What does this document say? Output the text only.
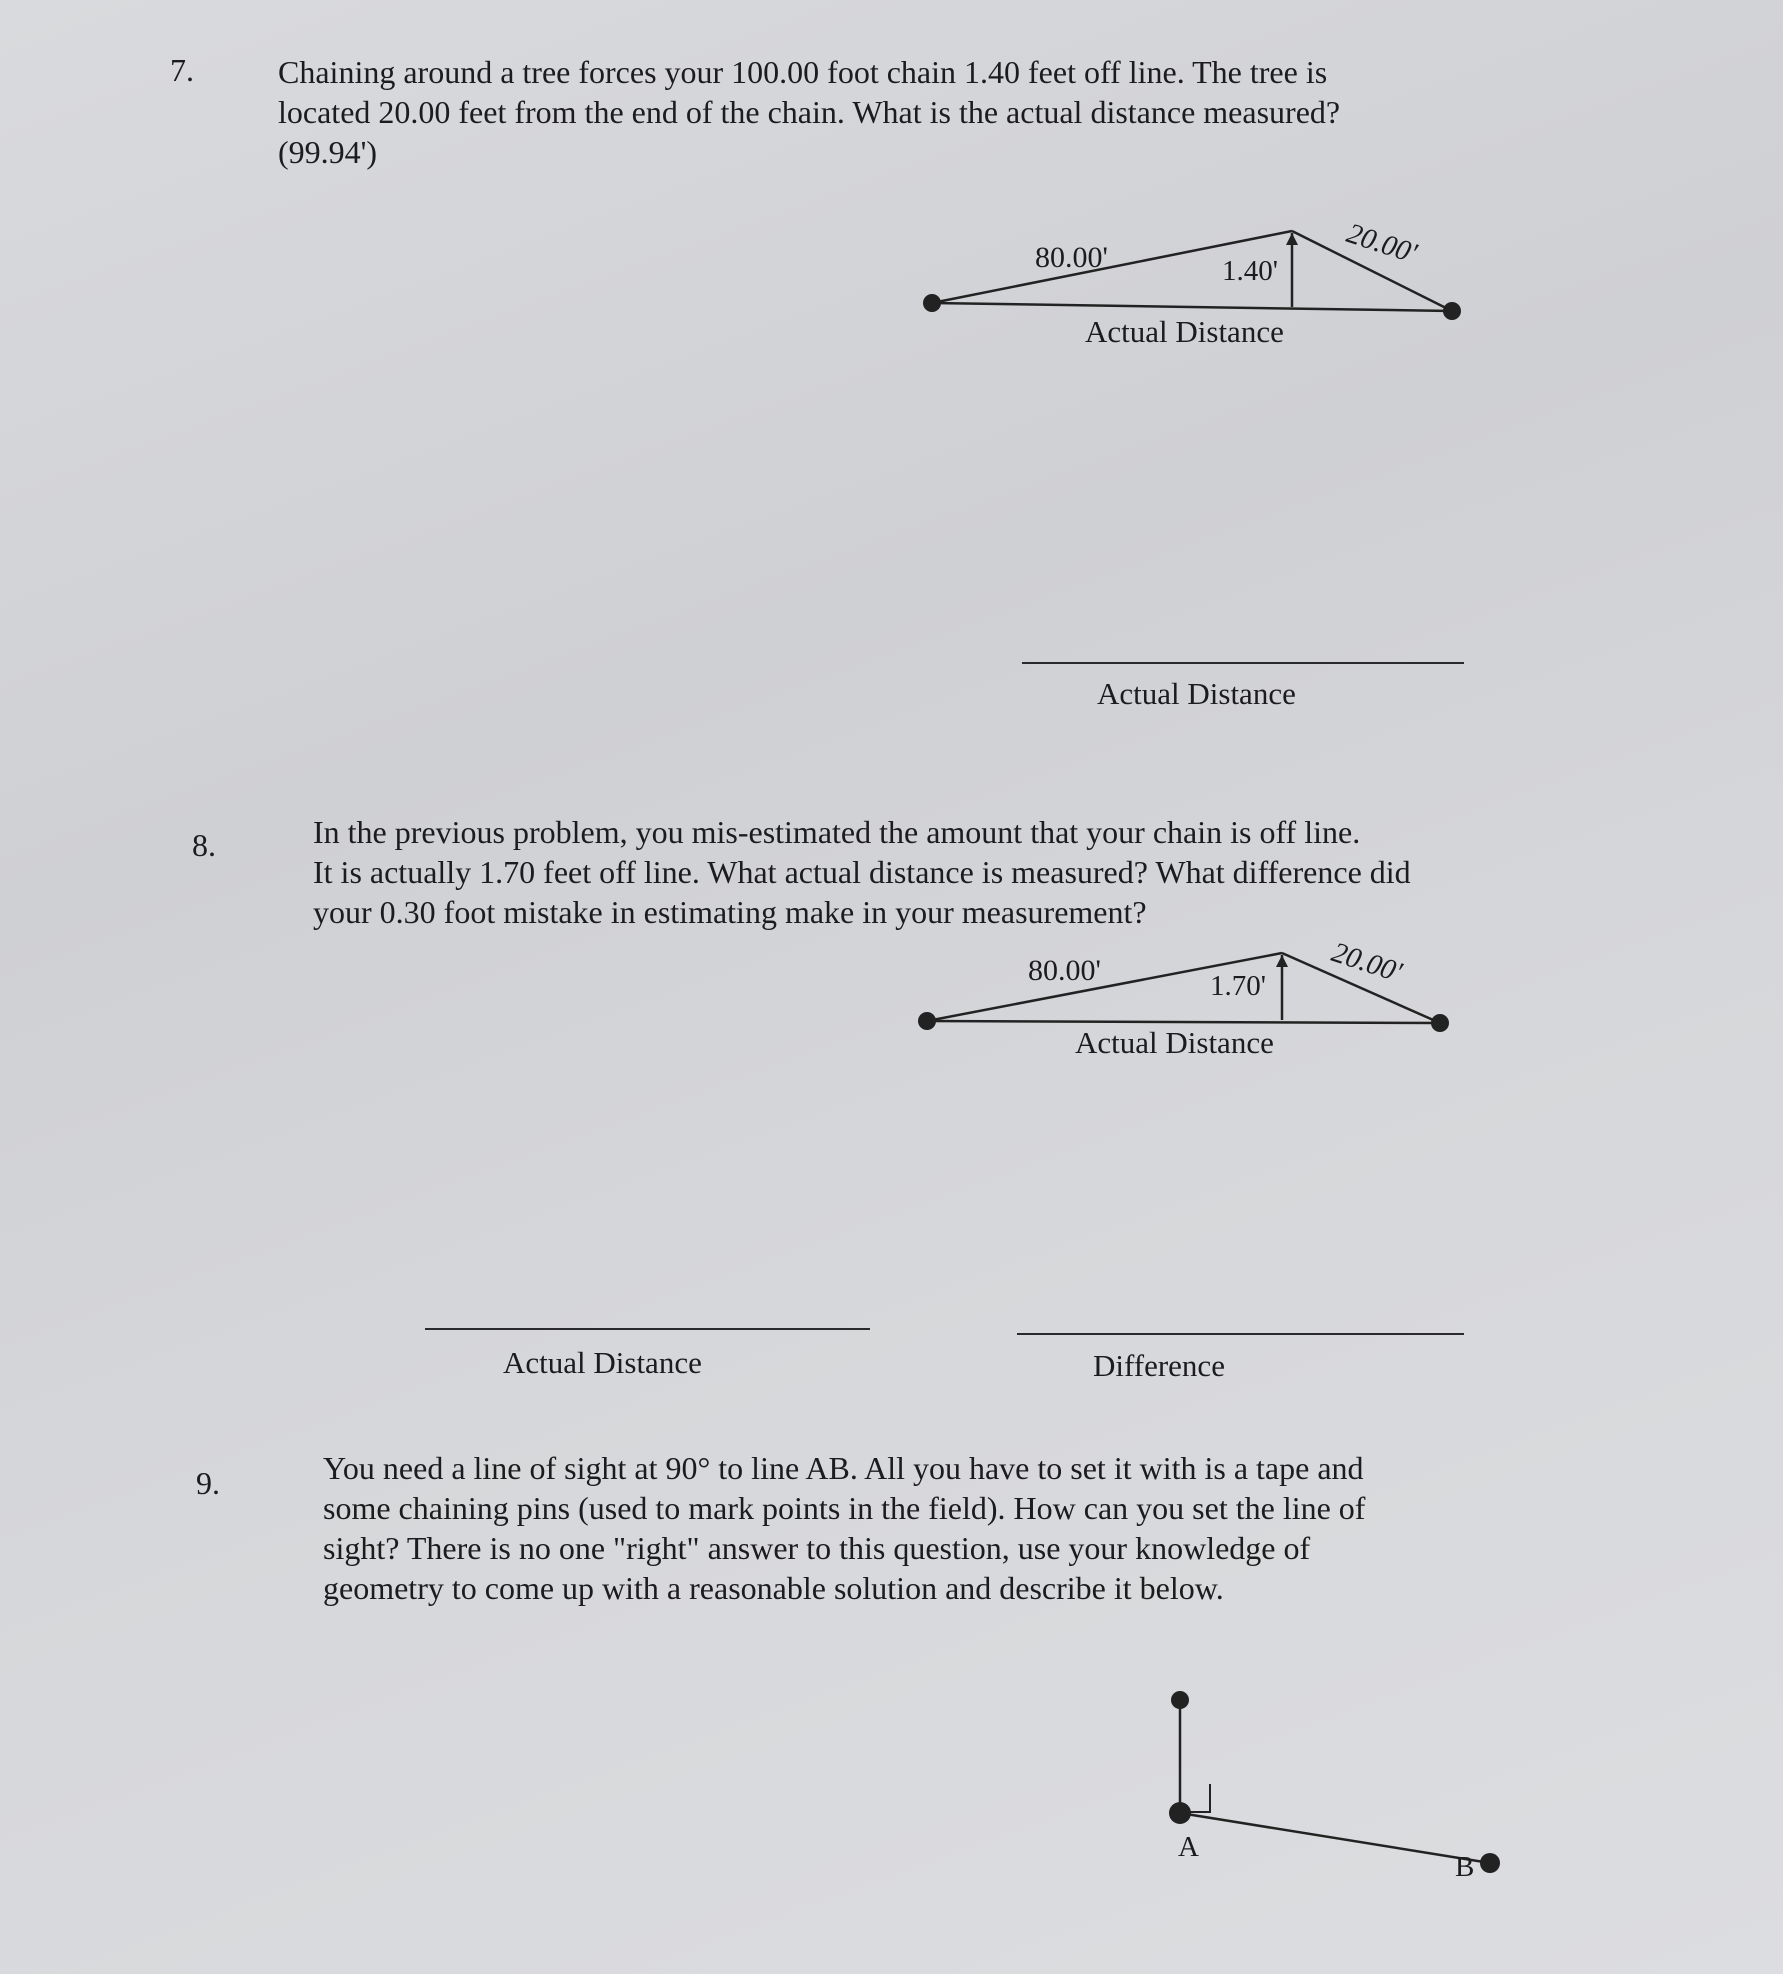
7.	Chaining around a tree forces your 100.00 foot chain 1.40 feet off line. The tree is
located 20.00 feet from the end of the chain. What is the actual distance measured?
(99.94')
80.00'	1.40'
20.00'
Actual Distance
Actual Distance
8.	In the previous problem, you mis-estimated the amount that your chain is off line.
It is actually 1.70 feet off line. What actual distance is measured? What difference did
your 0.30 foot mistake in estimating make in your measurement?
80.00'	1.70' 20.00'
Actual Distance
Actual Distance	Difference
9.	You need a line of sight at 90° to line AB. All you have to set it with is a tape and
some chaining pins (used to mark points in the field). How can you set the line of
sight? There is no one "right" answer to this question, use your knowledge of
geometry to come up with a reasonable solution and describe it below.
A
B
